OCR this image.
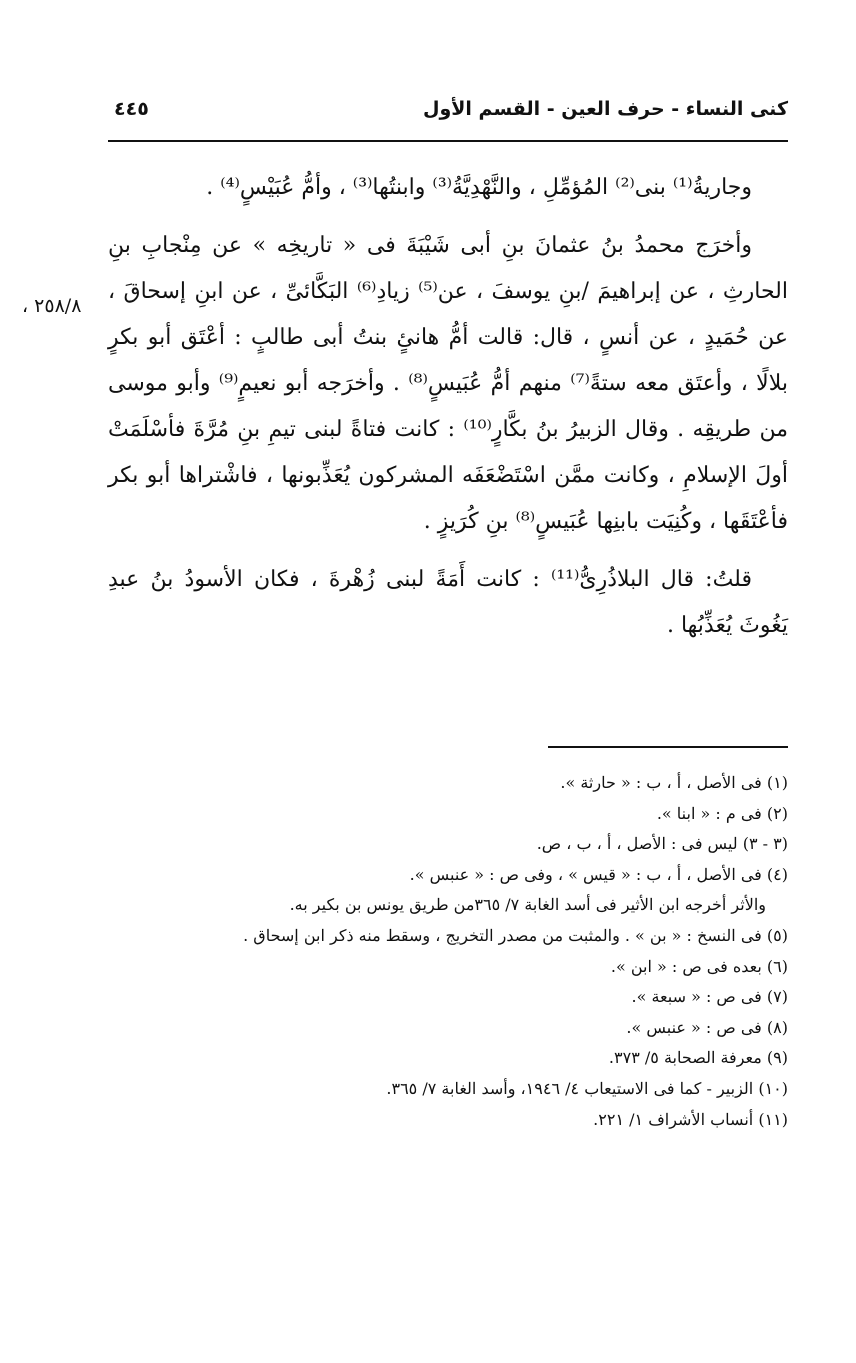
كنى النساء - حرف العين - القسم الأول
٤٤٥
٢٥٨/٨ ،

وجاريةُ⁽¹⁾ بنى⁽²⁾ المُؤمِّلِ ، والنَّهْدِيَّةُ⁽³⁾ وابنتُها⁽³⁾ ، وأمُّ عُبَيْسٍ⁽⁴⁾ .

وأخرَج محمدُ بنُ عثمانَ بنِ أبى شَيْبَةَ فى « تاريخِه » عن مِنْجابِ بنِ الحارثِ ، عن إبراهيمَ /بنِ يوسفَ ، عن⁽⁵⁾ زيادِ⁽⁶⁾ البَكَّائىِّ ، عن ابنِ إسحاقَ ، عن حُمَيدٍ ، عن أنسٍ ، قال: قالت أمُّ هانئٍ بنتُ أبى طالبٍ : أعْتَق أبو بكرٍ بلالًا ، وأعتَق معه ستةً⁽⁷⁾ منهم أمُّ عُبَيسٍ⁽⁸⁾ . وأخرَجه أبو نعيمٍ⁽⁹⁾ وأبو موسى من طريقِه . وقال الزبيرُ بنُ بكَّارٍ⁽¹⁰⁾ : كانت فتاةً لبنى تيمِ بنِ مُرَّةَ فأسْلَمَتْ أولَ الإسلامِ ، وكانت ممَّن اسْتَضْعَفَه المشركون يُعَذِّبونها ، فاشْتراها أبو بكر فأعْتَقَها ، وكُنِيَت بابنِها عُبَيسٍ⁽⁸⁾ بنِ كُرَيزٍ .

قلتُ: قال البلاذُرِىُّ⁽¹¹⁾ : كانت أَمَةً لبنى زُهْرةَ ، فكان الأسودُ بنُ عبدِ يَغُوثَ يُعَذِّبُها .

(١) فى الأصل ، أ ، ب : « حارثة ».
(٢) فى م : « ابنا ».
(٣ - ٣) ليس فى : الأصل ، أ ، ب ، ص.
(٤) فى الأصل ، أ ، ب : « قيس » ، وفى ص : « عنبس ».
والأثر أخرجه ابن الأثير فى أسد الغابة ٧/ ٣٦٥من طريق يونس بن بكير به.
(٥) فى النسخ : « بن » . والمثبت من مصدر التخريج ، وسقط منه ذكر ابن إسحاق .
(٦) بعده فى ص : « ابن ».
(٧) فى ص : « سبعة ».
(٨) فى ص : « عنبس ».
(٩) معرفة الصحابة ٥/ ٣٧٣.
(١٠) الزبير - كما فى الاستيعاب ٤/ ١٩٤٦، وأسد الغابة ٧/ ٣٦٥.
(١١) أنساب الأشراف ١/ ٢٢١.
